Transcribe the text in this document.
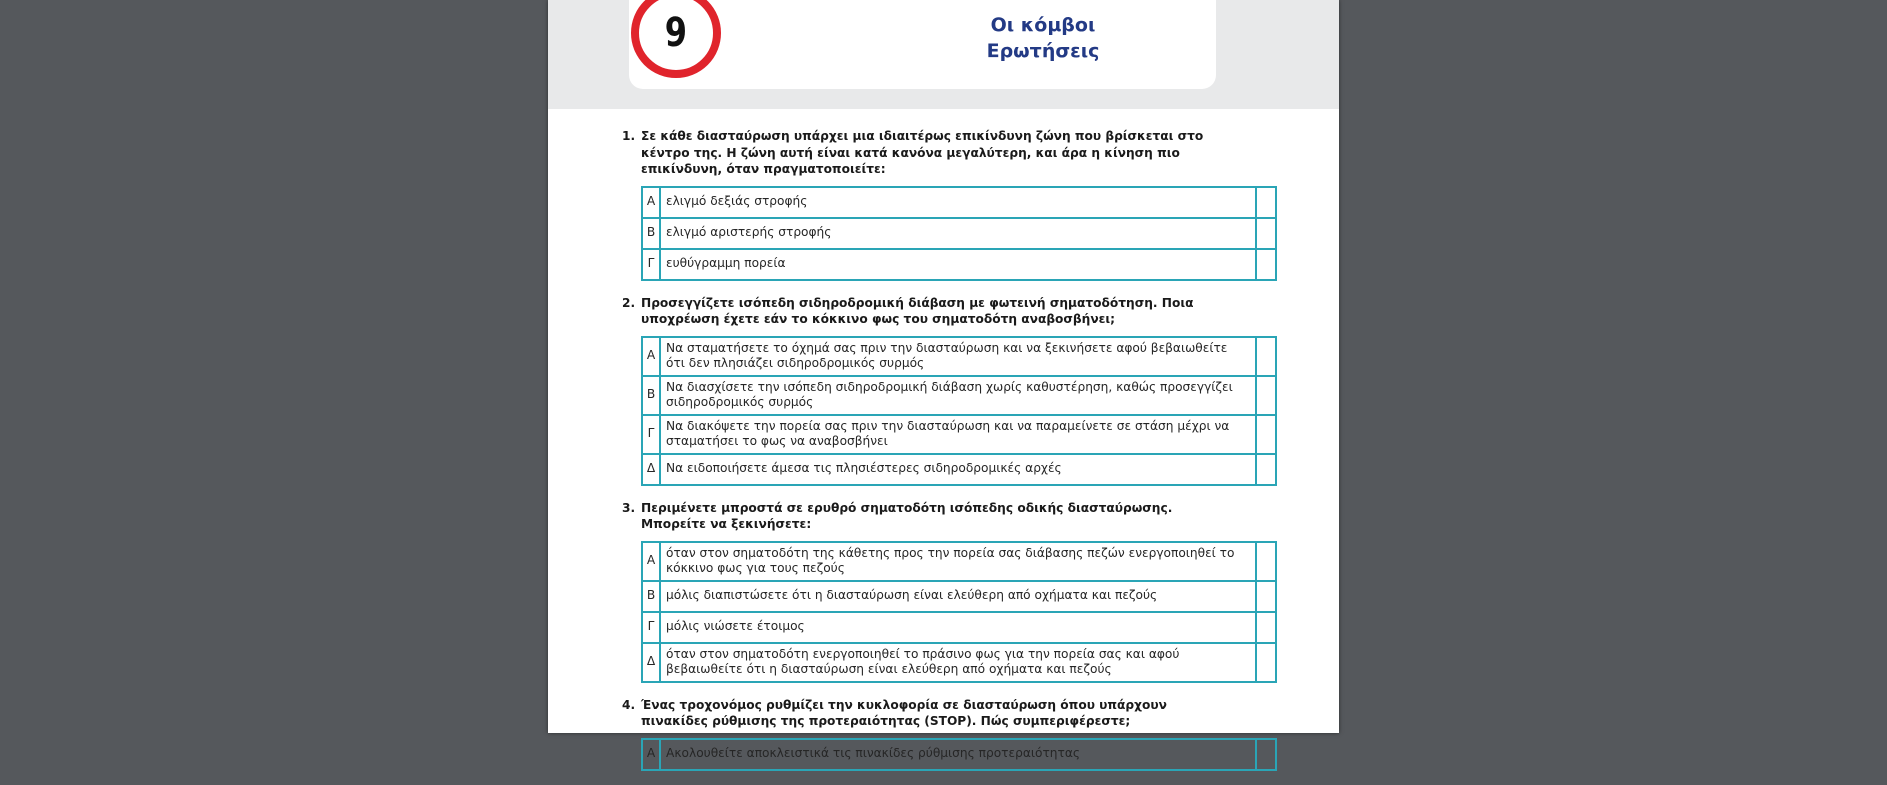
9	Οι κόμβοι
Ερωτήσεις
1. Σε κάθε διασταύρωση υπάρχει μια ιδιαιτέρως επικίνδυνη ζώνη που βρίσκεται στο κέντρο της. Η ζώνη αυτή είναι κατά κανόνα μεγαλύτερη, και άρα η κίνηση πιο επικίνδυνη, όταν πραγματοποιείτε:
Α	ελιγμό δεξιάς στροφής	
Β	ελιγμό αριστερής στροφής	
Γ	ευθύγραμμη πορεία	
2. Προσεγγίζετε ισόπεδη σιδηροδρομική διάβαση με φωτεινή σηματοδότηση. Ποια υποχρέωση έχετε εάν το κόκκινο φως του σηματοδότη αναβοσβήνει;
Α	Να σταματήσετε το όχημά σας πριν την διασταύρωση και να ξεκινήσετε αφού βεβαιωθείτε ότι δεν πλησιάζει σιδηροδρομικός συρμός	
Β	Να διασχίσετε την ισόπεδη σιδηροδρομική διάβαση χωρίς καθυστέρηση, καθώς προσεγγίζει σιδηροδρομικός συρμός	
Γ	Να διακόψετε την πορεία σας πριν την διασταύρωση και να παραμείνετε σε στάση μέχρι να σταματήσει το φως να αναβοσβήνει	
Δ	Να ειδοποιήσετε άμεσα τις πλησιέστερες σιδηροδρομικές αρχές	
3. Περιμένετε μπροστά σε ερυθρό σηματοδότη ισόπεδης οδικής διασταύρωσης. Μπορείτε να ξεκινήσετε:
Α	όταν στον σηματοδότη της κάθετης προς την πορεία σας διάβασης πεζών ενεργοποιηθεί το κόκκινο φως για τους πεζούς	
Β	μόλις διαπιστώσετε ότι η διασταύρωση είναι ελεύθερη από οχήματα και πεζούς	
Γ	μόλις νιώσετε έτοιμος	
Δ	όταν στον σηματοδότη ενεργοποιηθεί το πράσινο φως για την πορεία σας και αφού βεβαιωθείτε ότι η διασταύρωση είναι ελεύθερη από οχήματα και πεζούς	
4. Ένας τροχονόμος ρυθμίζει την κυκλοφορία σε διασταύρωση όπου υπάρχουν πινακίδες ρύθμισης της προτεραιότητας (STOP). Πώς συμπεριφέρεστε;
Α	Ακολουθείτε αποκλειστικά τις πινακίδες ρύθμισης προτεραιότητας	
